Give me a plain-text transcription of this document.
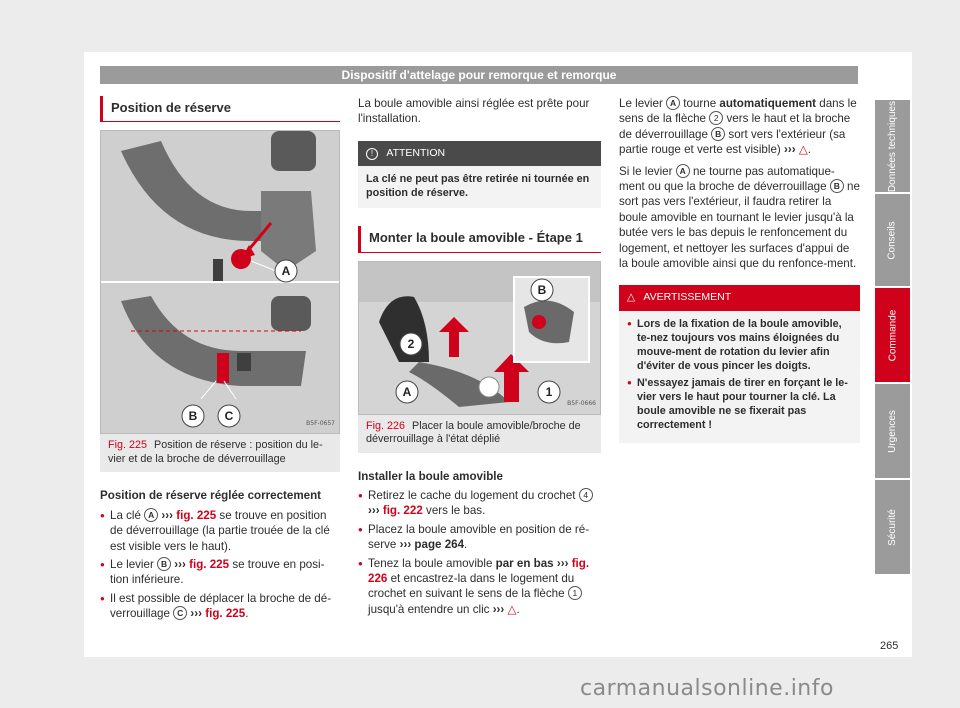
Dispositif d'attelage pour remorque et remorque
Position de réserve
A
B C
B5F-0657
Fig. 225 Position de réserve : position du le-vier et de la broche de déverrouillage
Position de réserve réglée correctement
● La clé A ››› fig. 225 se trouve en position de déverrouillage (la partie trouée de la clé est visible vers le haut).
● Le levier B ››› fig. 225 se trouve en posi-tion inférieure.
● Il est possible de déplacer la broche de dé-verrouillage C ››› fig. 225.

La boule amovible ainsi réglée est prête pour l'installation.

! ATTENTION
La clé ne peut pas être retirée ni tournée en position de réserve.
Monter la boule amovible - Étape 1
B
2
A	1
B5F-0666
Fig. 226 Placer la boule amovible/broche de déverrouillage à l'état déplié
Installer la boule amovible
● Retirez le cache du logement du crochet 4 ››› fig. 222 vers le bas.
● Placez la boule amovible en position de ré-serve ››› page 264.
● Tenez la boule amovible par en bas ››› fig. 226 et encastrez-la dans le logement du crochet en suivant le sens de la flèche 1 jusqu'à entendre un clic ››› △.

Le levier A tourne automatiquement dans le sens de la flèche 2 vers le haut et la broche de déverrouillage B sort vers l'extérieur (sa partie rouge et verte est visible) ››› △.

Si le levier A ne tourne pas automatique-ment ou que la broche de déverrouillage B ne sort pas vers l'extérieur, il faudra retirer la boule amovible en tournant le levier jusqu'à la butée vers le bas depuis le renfoncement du logement, et nettoyer les surfaces d'appui de la boule amovible ainsi que du renfonce-ment.

△ AVERTISSEMENT
● Lors de la fixation de la boule amovible, te-nez toujours vos mains éloignées du mouve-ment de rotation du levier afin d'éviter de vous pincer les doigts.
● N'essayez jamais de tirer en forçant le le-vier vers le haut pour tourner la clé. La boule amovible ne se fixerait pas correctement !
Données techniques
Conseils
Commande
Urgences
Sécurité
265
carmanualsonline.info
